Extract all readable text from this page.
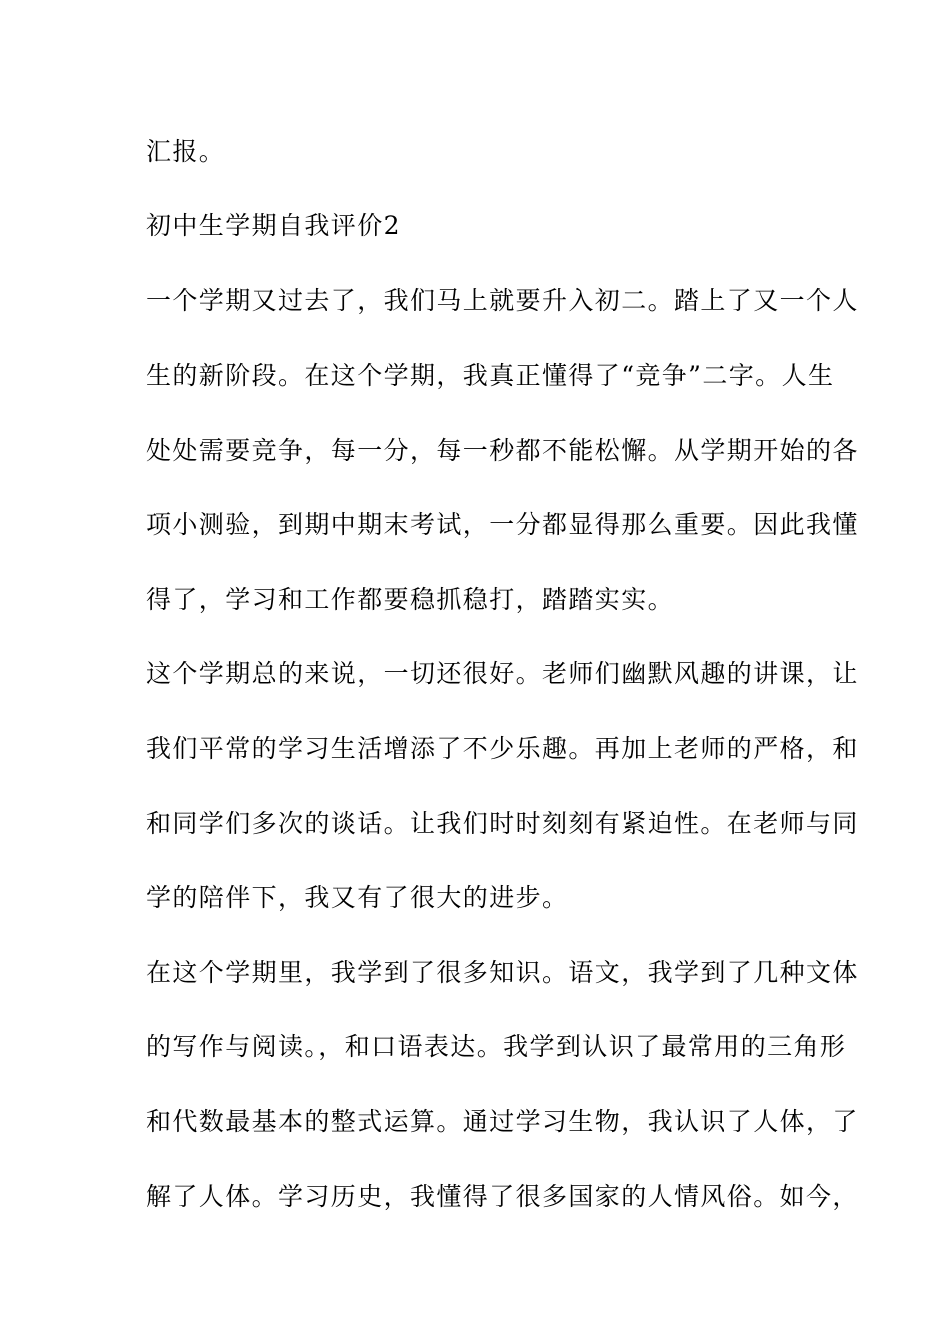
汇报。
初中生学期自我评价2
一个学期又过去了，我们马上就要升入初二。踏上了又一个人
生的新阶段。在这个学期，我真正懂得了“竞争”二字。人生
处处需要竞争，每一分，每一秒都不能松懈。从学期开始的各
项小测验，到期中期末考试，一分都显得那么重要。因此我懂
得了，学习和工作都要稳抓稳打，踏踏实实。
这个学期总的来说，一切还很好。老师们幽默风趣的讲课，让
我们平常的学习生活增添了不少乐趣。再加上老师的严格，和
和同学们多次的谈话。让我们时时刻刻有紧迫性。在老师与同
学的陪伴下，我又有了很大的进步。
在这个学期里，我学到了很多知识。语文，我学到了几种文体
的写作与阅读。，和口语表达。我学到认识了最常用的三角形
和代数最基本的整式运算。通过学习生物，我认识了人体，了
解了人体。学习历史，我懂得了很多国家的人情风俗。如今，
